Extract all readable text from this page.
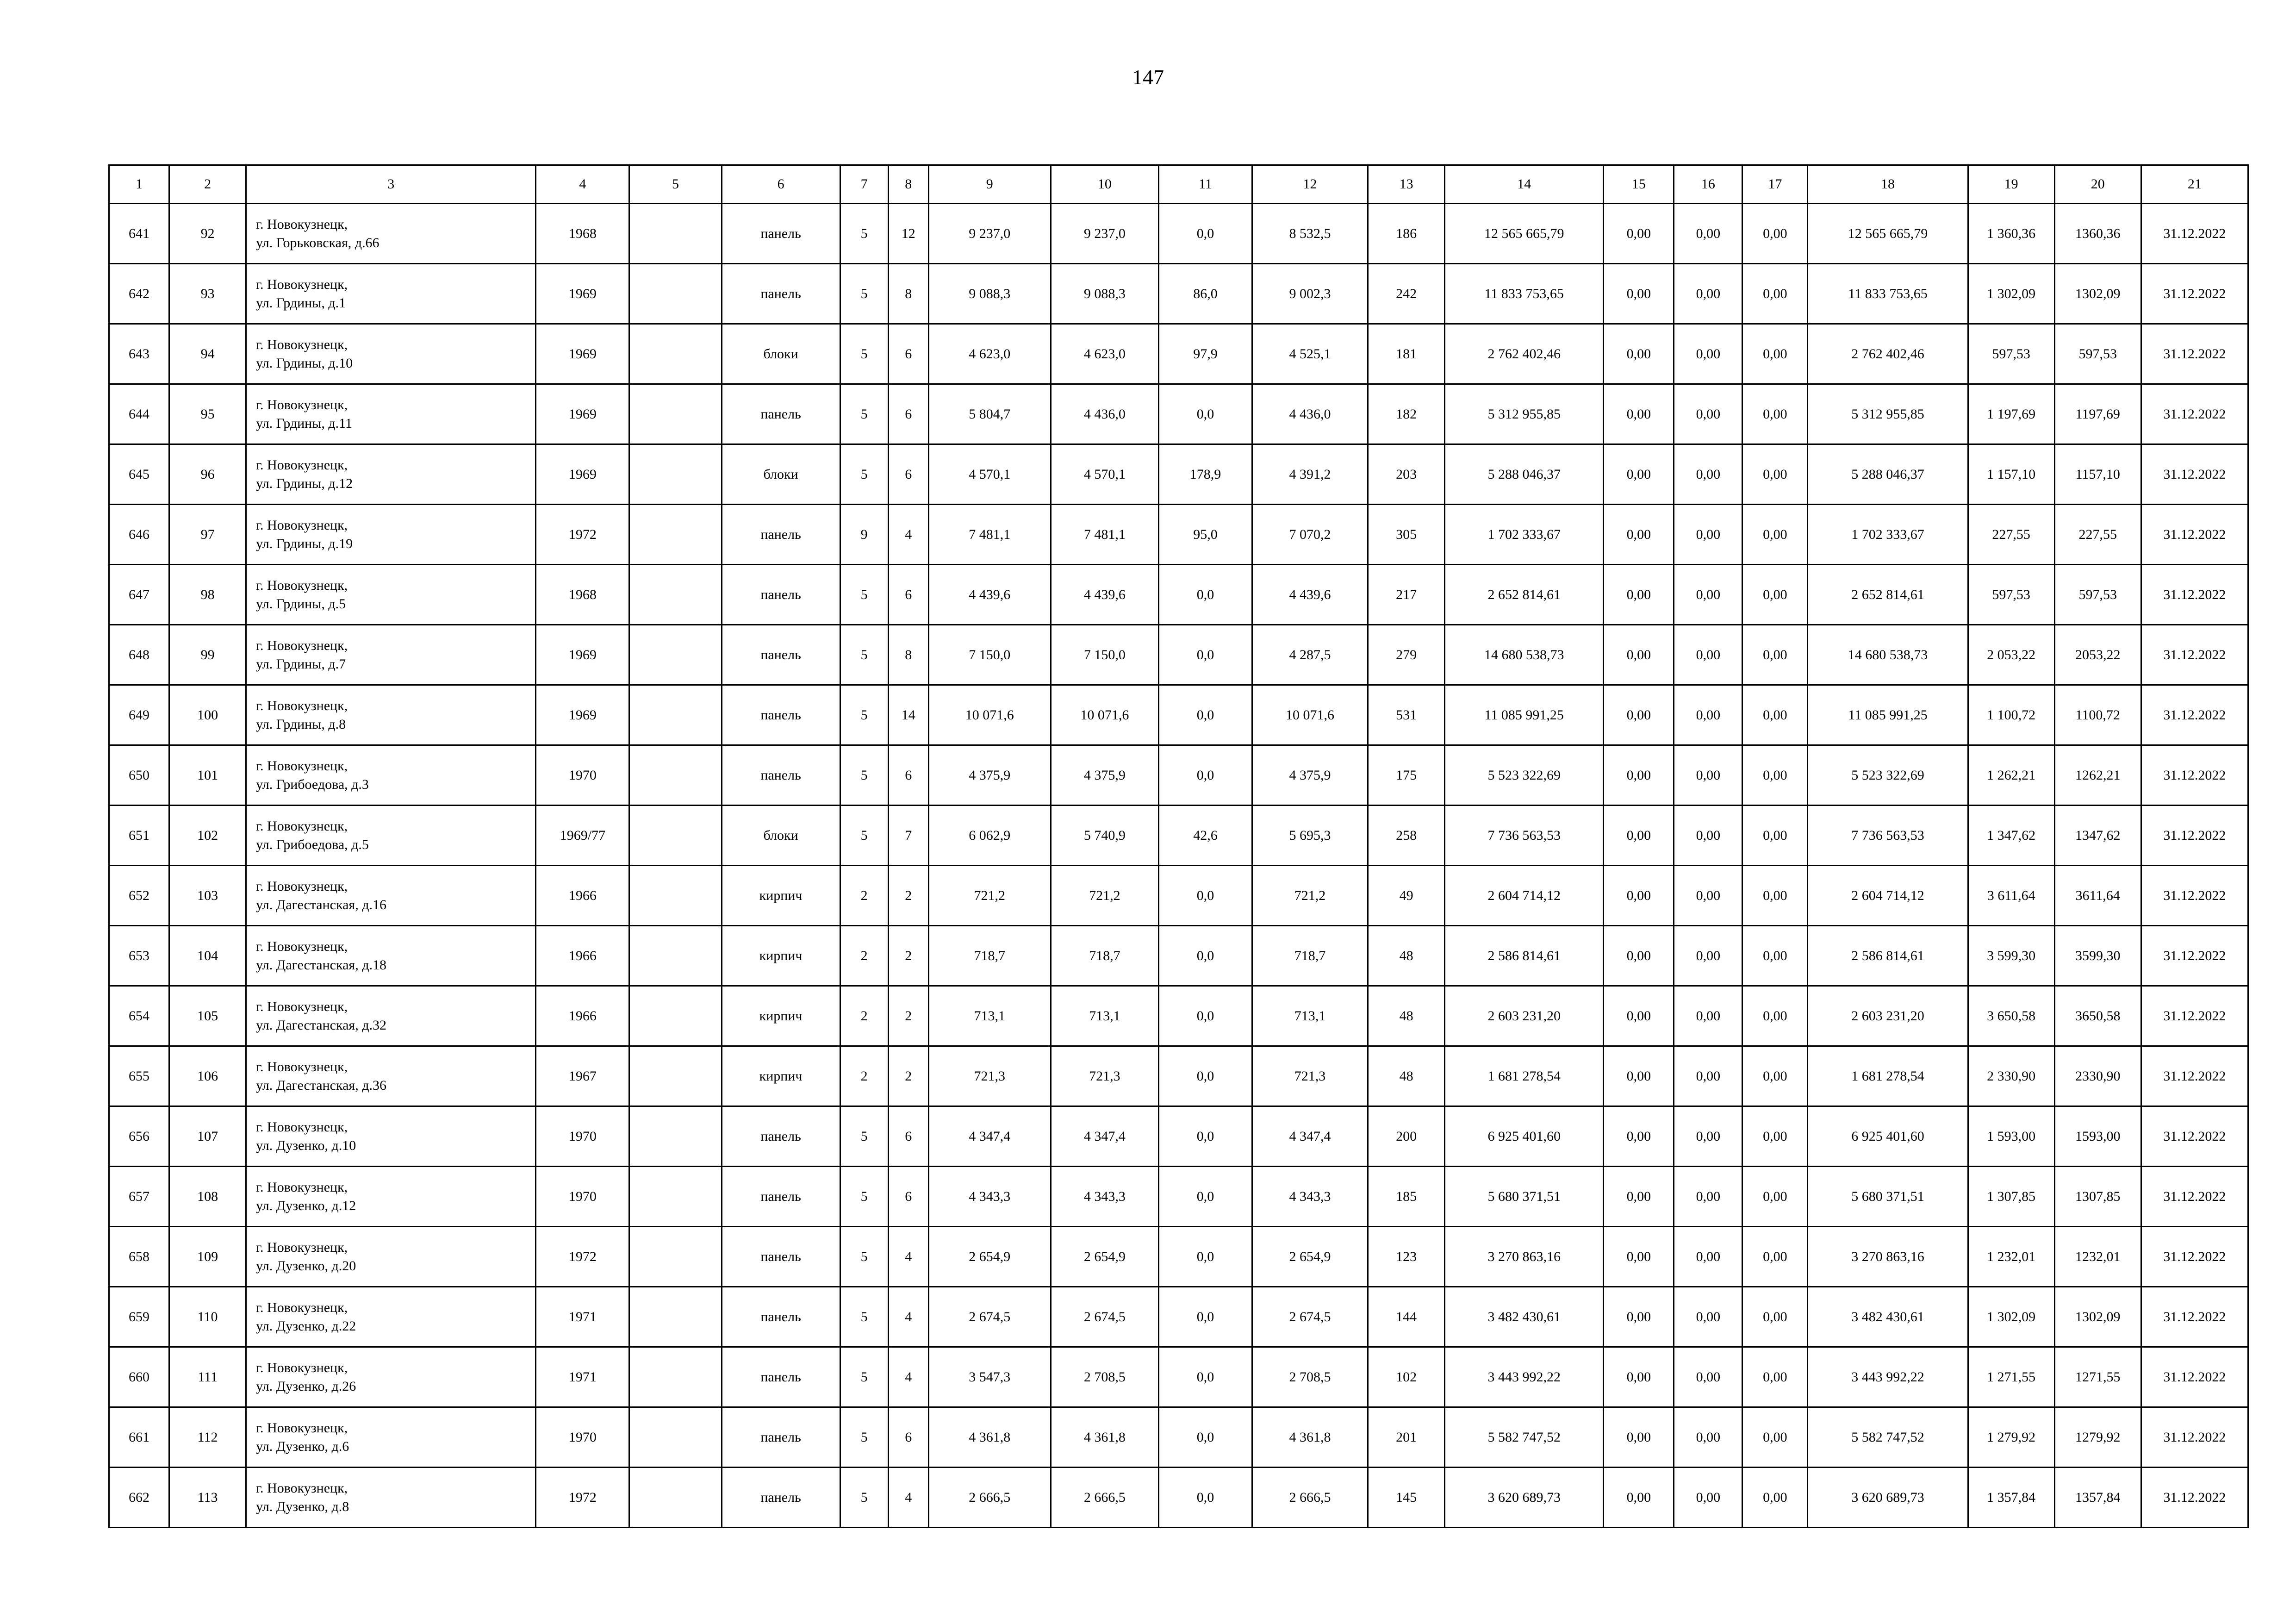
147
1	2	3	4	5	6	7	8	9	10	11	12	13	14	15	16	17	18	19	20	21
641	92	г. Новокузнецк,
ул. Горьковская, д.66	1968		панель	5	12	9 237,0	9 237,0	0,0	8 532,5	186	12 565 665,79	0,00	0,00	0,00	12 565 665,79	1 360,36	1360,36	31.12.2022
642	93	г. Новокузнецк,
ул. Грдины, д.1	1969		панель	5	8	9 088,3	9 088,3	86,0	9 002,3	242	11 833 753,65	0,00	0,00	0,00	11 833 753,65	1 302,09	1302,09	31.12.2022
643	94	г. Новокузнецк,
ул. Грдины, д.10	1969		блоки	5	6	4 623,0	4 623,0	97,9	4 525,1	181	2 762 402,46	0,00	0,00	0,00	2 762 402,46	597,53	597,53	31.12.2022
644	95	г. Новокузнецк,
ул. Грдины, д.11	1969		панель	5	6	5 804,7	4 436,0	0,0	4 436,0	182	5 312 955,85	0,00	0,00	0,00	5 312 955,85	1 197,69	1197,69	31.12.2022
645	96	г. Новокузнецк,
ул. Грдины, д.12	1969		блоки	5	6	4 570,1	4 570,1	178,9	4 391,2	203	5 288 046,37	0,00	0,00	0,00	5 288 046,37	1 157,10	1157,10	31.12.2022
646	97	г. Новокузнецк,
ул. Грдины, д.19	1972		панель	9	4	7 481,1	7 481,1	95,0	7 070,2	305	1 702 333,67	0,00	0,00	0,00	1 702 333,67	227,55	227,55	31.12.2022
647	98	г. Новокузнецк,
ул. Грдины, д.5	1968		панель	5	6	4 439,6	4 439,6	0,0	4 439,6	217	2 652 814,61	0,00	0,00	0,00	2 652 814,61	597,53	597,53	31.12.2022
648	99	г. Новокузнецк,
ул. Грдины, д.7	1969		панель	5	8	7 150,0	7 150,0	0,0	4 287,5	279	14 680 538,73	0,00	0,00	0,00	14 680 538,73	2 053,22	2053,22	31.12.2022
649	100	г. Новокузнецк,
ул. Грдины, д.8	1969		панель	5	14	10 071,6	10 071,6	0,0	10 071,6	531	11 085 991,25	0,00	0,00	0,00	11 085 991,25	1 100,72	1100,72	31.12.2022
650	101	г. Новокузнецк,
ул. Грибоедова, д.3	1970		панель	5	6	4 375,9	4 375,9	0,0	4 375,9	175	5 523 322,69	0,00	0,00	0,00	5 523 322,69	1 262,21	1262,21	31.12.2022
651	102	г. Новокузнецк,
ул. Грибоедова, д.5	1969/77		блоки	5	7	6 062,9	5 740,9	42,6	5 695,3	258	7 736 563,53	0,00	0,00	0,00	7 736 563,53	1 347,62	1347,62	31.12.2022
652	103	г. Новокузнецк,
ул. Дагестанская, д.16	1966		кирпич	2	2	721,2	721,2	0,0	721,2	49	2 604 714,12	0,00	0,00	0,00	2 604 714,12	3 611,64	3611,64	31.12.2022
653	104	г. Новокузнецк,
ул. Дагестанская, д.18	1966		кирпич	2	2	718,7	718,7	0,0	718,7	48	2 586 814,61	0,00	0,00	0,00	2 586 814,61	3 599,30	3599,30	31.12.2022
654	105	г. Новокузнецк,
ул. Дагестанская, д.32	1966		кирпич	2	2	713,1	713,1	0,0	713,1	48	2 603 231,20	0,00	0,00	0,00	2 603 231,20	3 650,58	3650,58	31.12.2022
655	106	г. Новокузнецк,
ул. Дагестанская, д.36	1967		кирпич	2	2	721,3	721,3	0,0	721,3	48	1 681 278,54	0,00	0,00	0,00	1 681 278,54	2 330,90	2330,90	31.12.2022
656	107	г. Новокузнецк,
ул. Дузенко, д.10	1970		панель	5	6	4 347,4	4 347,4	0,0	4 347,4	200	6 925 401,60	0,00	0,00	0,00	6 925 401,60	1 593,00	1593,00	31.12.2022
657	108	г. Новокузнецк,
ул. Дузенко, д.12	1970		панель	5	6	4 343,3	4 343,3	0,0	4 343,3	185	5 680 371,51	0,00	0,00	0,00	5 680 371,51	1 307,85	1307,85	31.12.2022
658	109	г. Новокузнецк,
ул. Дузенко, д.20	1972		панель	5	4	2 654,9	2 654,9	0,0	2 654,9	123	3 270 863,16	0,00	0,00	0,00	3 270 863,16	1 232,01	1232,01	31.12.2022
659	110	г. Новокузнецк,
ул. Дузенко, д.22	1971		панель	5	4	2 674,5	2 674,5	0,0	2 674,5	144	3 482 430,61	0,00	0,00	0,00	3 482 430,61	1 302,09	1302,09	31.12.2022
660	111	г. Новокузнецк,
ул. Дузенко, д.26	1971		панель	5	4	3 547,3	2 708,5	0,0	2 708,5	102	3 443 992,22	0,00	0,00	0,00	3 443 992,22	1 271,55	1271,55	31.12.2022
661	112	г. Новокузнецк,
ул. Дузенко, д.6	1970		панель	5	6	4 361,8	4 361,8	0,0	4 361,8	201	5 582 747,52	0,00	0,00	0,00	5 582 747,52	1 279,92	1279,92	31.12.2022
662	113	г. Новокузнецк,
ул. Дузенко, д.8	1972		панель	5	4	2 666,5	2 666,5	0,0	2 666,5	145	3 620 689,73	0,00	0,00	0,00	3 620 689,73	1 357,84	1357,84	31.12.2022
